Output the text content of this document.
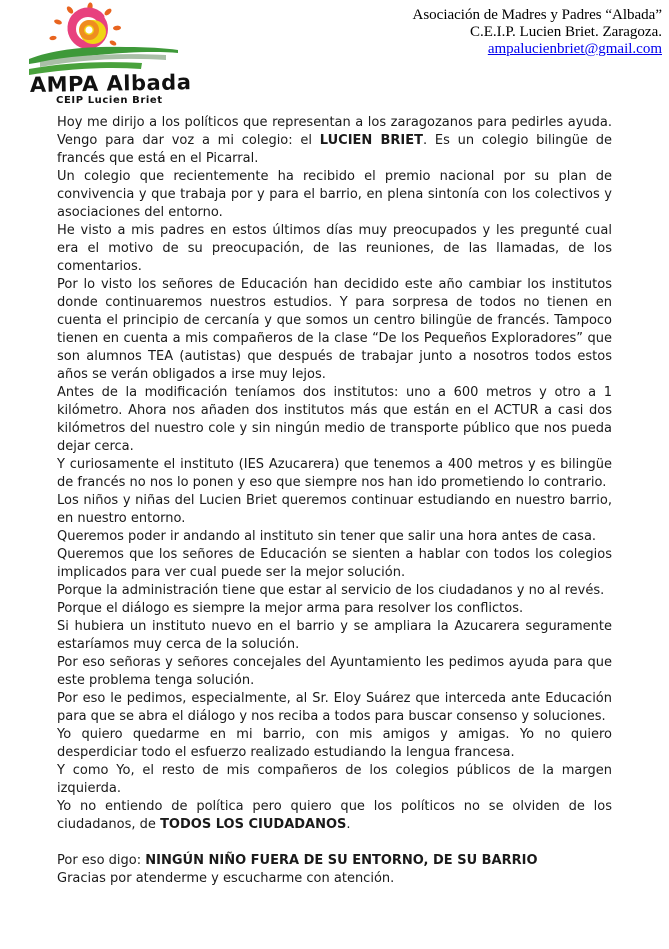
AMPA Albada
CEIP Lucien Briet
Asociación de Madres y Padres “Albada”
C.E.I.P. Lucien Briet. Zaragoza.
ampalucienbriet@gmail.com

Hoy me dirijo a los políticos que representan a los zaragozanos para pedirles ayuda. Vengo para dar voz a mi colegio: el LUCIEN BRIET. Es un colegio bilingüe de francés que está en el Picarral.

Un colegio que recientemente ha recibido el premio nacional por su plan de convivencia y que trabaja por y para el barrio, en plena sintonía con los colectivos y asociaciones del entorno.

He visto a mis padres en estos últimos días muy preocupados y les pregunté cual era el motivo de su preocupación, de las reuniones, de las llamadas, de los comentarios.

Por lo visto los señores de Educación han decidido este año cambiar los institutos donde continuaremos nuestros estudios. Y para sorpresa de todos no tienen en cuenta el principio de cercanía y que somos un centro bilingüe de francés. Tampoco tienen en cuenta a mis compañeros de la clase “De los Pequeños Exploradores” que son alumnos TEA (autistas) que después de trabajar junto a nosotros todos estos años se verán obligados a irse muy lejos.

Antes de la modificación teníamos dos institutos: uno a 600 metros y otro a 1 kilómetro. Ahora nos añaden dos institutos más que están en el ACTUR a casi dos kilómetros del nuestro cole y sin ningún medio de transporte público que nos pueda dejar cerca.

Y curiosamente el instituto (IES Azucarera) que tenemos a 400 metros y es bilingüe de francés no nos lo ponen y eso que siempre nos han ido prometiendo lo contrario.

Los niños y niñas del Lucien Briet queremos continuar estudiando en nuestro barrio, en nuestro entorno.

Queremos poder ir andando al instituto sin tener que salir una hora antes de casa.

Queremos que los señores de Educación se sienten a hablar con todos los colegios implicados para ver cual puede ser la mejor solución.

Porque la administración tiene que estar al servicio de los ciudadanos y no al revés.

Porque el diálogo es siempre la mejor arma para resolver los conflictos.

Si hubiera un instituto nuevo en el barrio y se ampliara la Azucarera seguramente estaríamos muy cerca de la solución.

Por eso señoras y señores concejales del Ayuntamiento les pedimos ayuda para que este problema tenga solución.

Por eso le pedimos, especialmente, al Sr. Eloy Suárez que interceda ante Educación para que se abra el diálogo y nos reciba a todos para buscar consenso y soluciones.

Yo quiero quedarme en mi barrio, con mis amigos y amigas. Yo no quiero desperdiciar todo el esfuerzo realizado estudiando la lengua francesa.

Y como Yo, el resto de mis compañeros de los colegios públicos de la margen izquierda.

Yo no entiendo de política pero quiero que los políticos no se olviden de los ciudadanos, de TODOS LOS CIUDADANOS.

Por eso digo: NINGÚN NIÑO FUERA DE SU ENTORNO, DE SU BARRIO

Gracias por atenderme y escucharme con atención.
